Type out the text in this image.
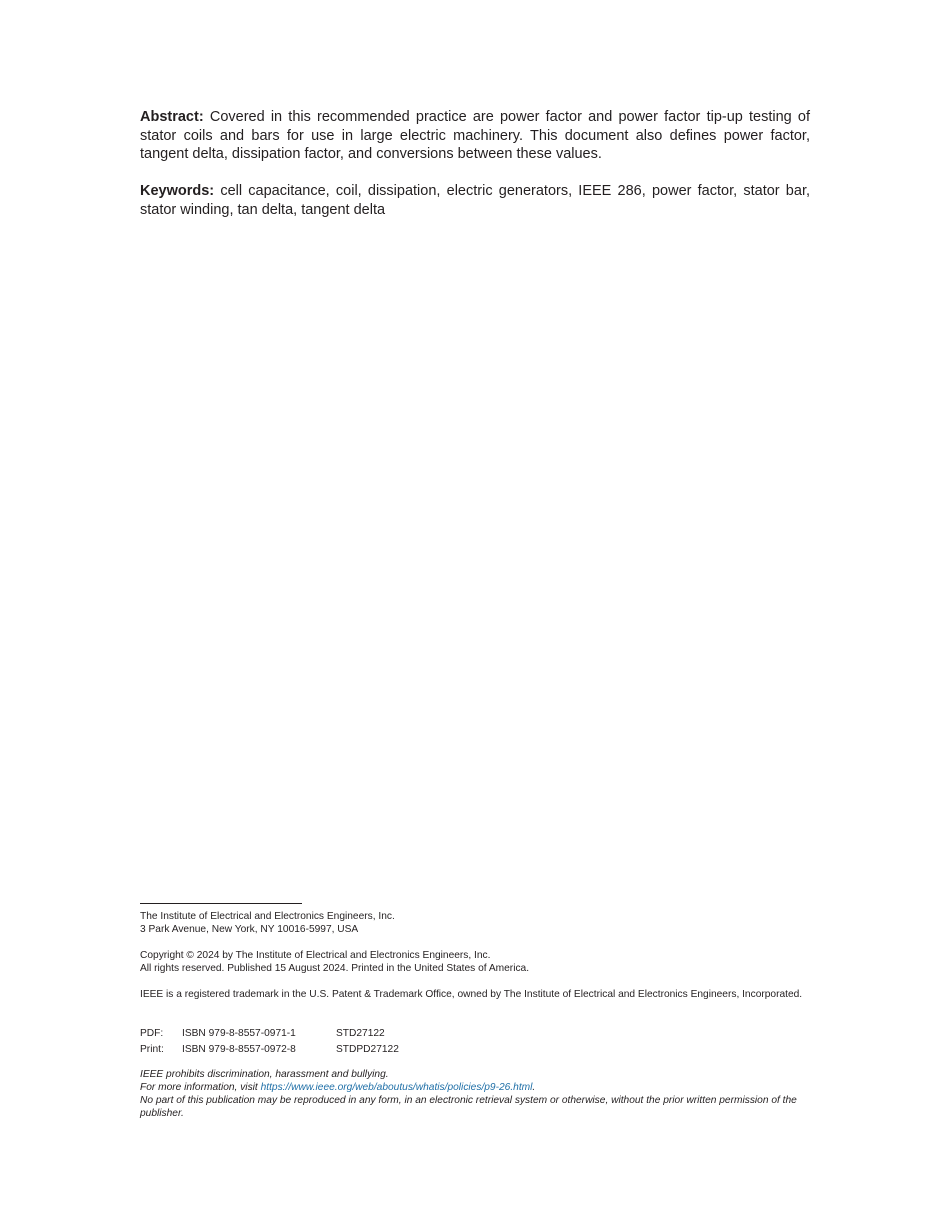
Abstract: Covered in this recommended practice are power factor and power factor tip-up testing of stator coils and bars for use in large electric machinery. This document also defines power factor, tangent delta, dissipation factor, and conversions between these values.

Keywords: cell capacitance, coil, dissipation, electric generators, IEEE 286, power factor, stator bar, stator winding, tan delta, tangent delta

The Institute of Electrical and Electronics Engineers, Inc.
3 Park Avenue, New York, NY 10016-5997, USA
Copyright © 2024 by The Institute of Electrical and Electronics Engineers, Inc.
All rights reserved. Published 15 August 2024. Printed in the United States of America.
IEEE is a registered trademark in the U.S. Patent & Trademark Office, owned by The Institute of Electrical and Electronics Engineers, Incorporated.
PDF:	ISBN 979-8-8557-0971-1	STD27122
Print:	ISBN 979-8-8557-0972-8	STDPD27122
IEEE prohibits discrimination, harassment and bullying.
For more information, visit https://www.ieee.org/web/aboutus/whatis/policies/p9-26.html.
No part of this publication may be reproduced in any form, in an electronic retrieval system or otherwise, without the prior written permission of the publisher.
